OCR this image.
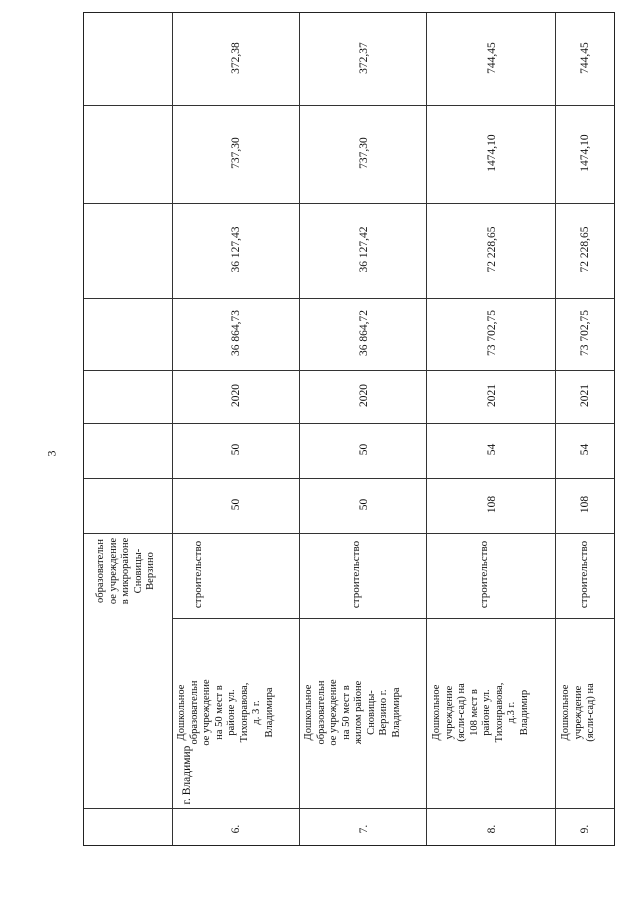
3
образовательн
ое учреждение
в микрорайоне
Сновицы-
Верзино
г. Владимир
6.
Дошкольное
образовательн
ое учреждение
на 50 мест в
районе ул.
Тихонравова,
д. 3 г.
Владимира
строительство
50
50
2020
36 864,73
36 127,43
737,30
372,38
7.
Дошкольное
образовательн
ое учреждение
на 50 мест в
жилом районе
Сновицы-
Верзино г.
Владимира
строительство
50
50
2020
36 864,72
36 127,42
737,30
372,37
8.
Дошкольное
учреждение
(ясли-сад) на
108 мест в
районе ул.
Тихонравова,
д.3 г.
Владимир
строительство
108
54
2021
73 702,75
72 228,65
1474,10
744,45
9.
Дошкольное
учреждение
(ясли-сад) на
строительство
108
54
2021
73 702,75
72 228,65
1474,10
744,45
